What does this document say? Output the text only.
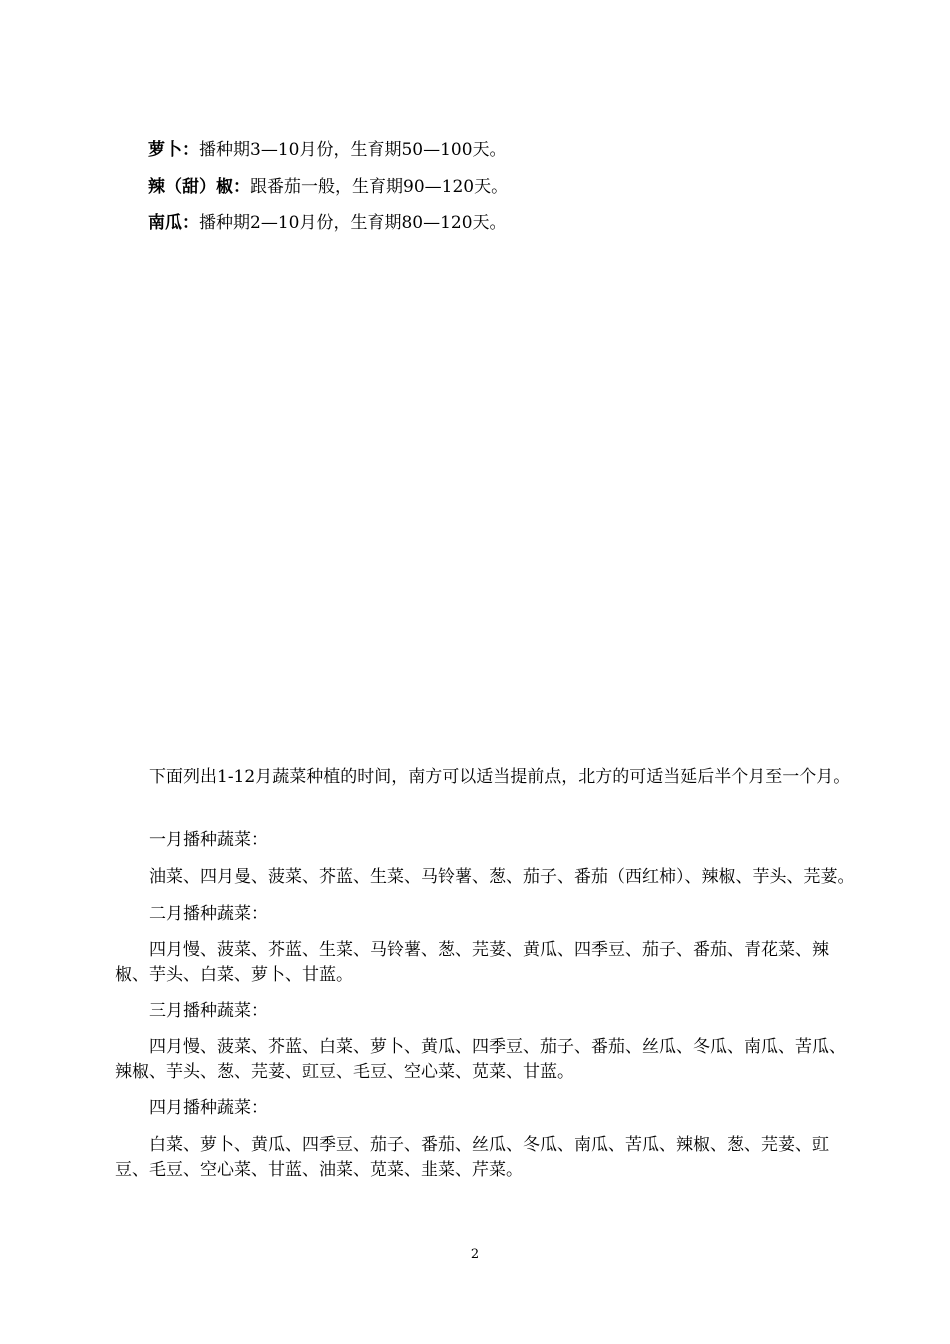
萝卜：播种期3—10月份，生育期50—100天。
辣（甜）椒：跟番茄一般，生育期90—120天。
南瓜：播种期2—10月份，生育期80—120天。
下面列出1-12月蔬菜种植的时间，南方可以适当提前点，北方的可适当延后半个月至一个月。
一月播种蔬菜：
油菜、四月曼、菠菜、芥蓝、生菜、马铃薯、葱、茄子、番茄（西红柿）、辣椒、芋头、芫荽。
二月播种蔬菜：
四月慢、菠菜、芥蓝、生菜、马铃薯、葱、芫荽、黄瓜、四季豆、茄子、番茄、青花菜、辣椒、芋头、白菜、萝卜、甘蓝。
三月播种蔬菜：
四月慢、菠菜、芥蓝、白菜、萝卜、黄瓜、四季豆、茄子、番茄、丝瓜、冬瓜、南瓜、苦瓜、辣椒、芋头、葱、芫荽、豇豆、毛豆、空心菜、苋菜、甘蓝。
四月播种蔬菜：
白菜、萝卜、黄瓜、四季豆、茄子、番茄、丝瓜、冬瓜、南瓜、苦瓜、辣椒、葱、芫荽、豇豆、毛豆、空心菜、甘蓝、油菜、苋菜、韭菜、芹菜。
2
